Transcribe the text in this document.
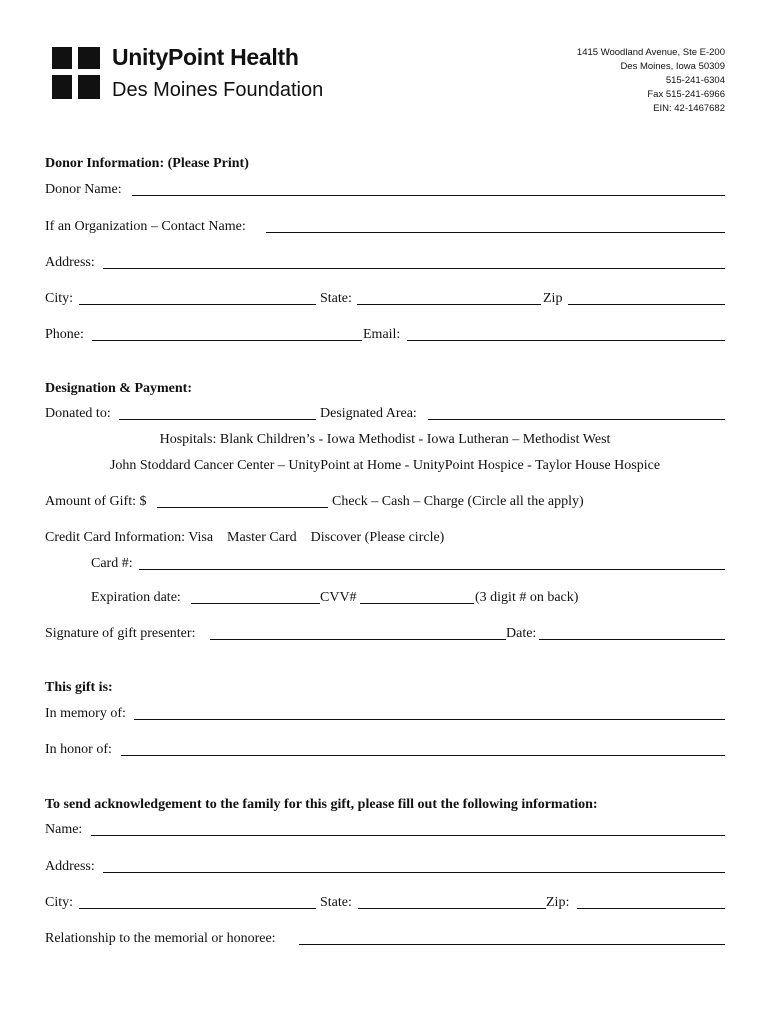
UnityPoint Health
Des Moines Foundation
1415 Woodland Avenue, Ste E-200
Des Moines, Iowa 50309
515-241-6304
Fax 515-241-6966
EIN: 42-1467682
Donor Information: (Please Print)
Donor Name:
If an Organization – Contact Name:
Address:
City:	State:	Zip
Phone:	Email:
Designation & Payment:
Donated to:	Designated Area:
Hospitals: Blank Children’s - Iowa Methodist - Iowa Lutheran – Methodist West
John Stoddard Cancer Center – UnityPoint at Home - UnityPoint Hospice - Taylor House Hospice
Amount of Gift: $	Check – Cash – Charge (Circle all the apply)
Credit Card Information: Visa    Master Card    Discover (Please circle)
Card #:
Expiration date:	CVV#	(3 digit # on back)
Signature of gift presenter:	Date:
This gift is:
In memory of:
In honor of:
To send acknowledgement to the family for this gift, please fill out the following information:
Name:
Address:
City:	State:	Zip:
Relationship to the memorial or honoree:
